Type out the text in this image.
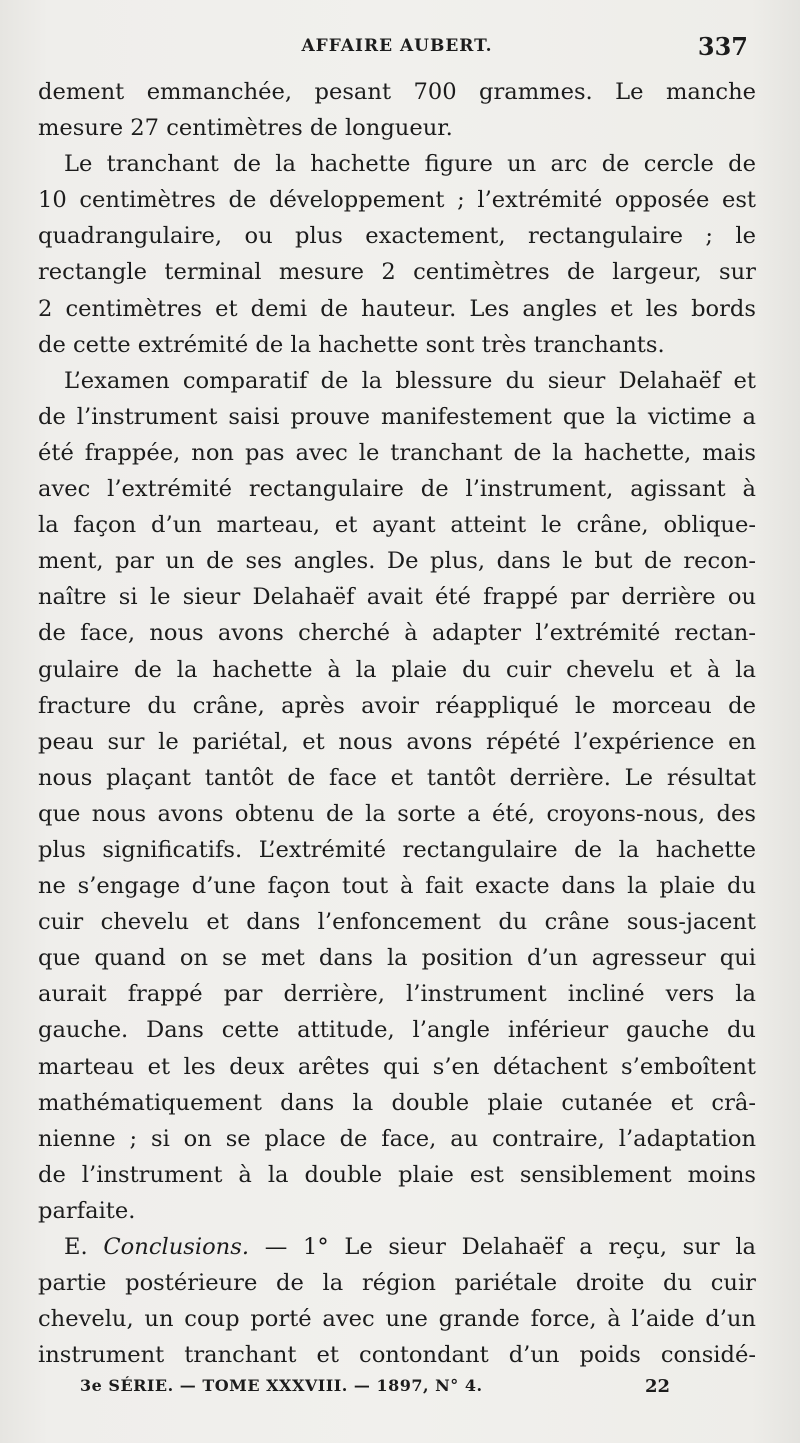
AFFAIRE AUBERT.	337
dement emmanchée, pesant 700 grammes. Le manche
mesure 27 centimètres de longueur.
Le tranchant de la hachette figure un arc de cercle de
10 centimètres de développement ; l’extrémité opposée est
quadrangulaire, ou plus exactement, rectangulaire ; le
rectangle terminal mesure 2 centimètres de largeur, sur
2 centimètres et demi de hauteur. Les angles et les bords
de cette extrémité de la hachette sont très tranchants.
L’examen comparatif de la blessure du sieur Delahaëf et
de l’instrument saisi prouve manifestement que la victime a
été frappée, non pas avec le tranchant de la hachette, mais
avec l’extrémité rectangulaire de l’instrument, agissant à
la façon d’un marteau, et ayant atteint le crâne, oblique-
ment, par un de ses angles. De plus, dans le but de recon-
naître si le sieur Delahaëf avait été frappé par derrière ou
de face, nous avons cherché à adapter l’extrémité rectan-
gulaire de la hachette à la plaie du cuir chevelu et à la
fracture du crâne, après avoir réappliqué le morceau de
peau sur le pariétal, et nous avons répété l’expérience en
nous plaçant tantôt de face et tantôt derrière. Le résultat
que nous avons obtenu de la sorte a été, croyons-nous, des
plus significatifs. L’extrémité rectangulaire de la hachette
ne s’engage d’une façon tout à fait exacte dans la plaie du
cuir chevelu et dans l’enfoncement du crâne sous-jacent
que quand on se met dans la position d’un agresseur qui
aurait frappé par derrière, l’instrument incliné vers la
gauche. Dans cette attitude, l’angle inférieur gauche du
marteau et les deux arêtes qui s’en détachent s’emboîtent
mathématiquement dans la double plaie cutanée et crâ-
nienne ; si on se place de face, au contraire, l’adaptation
de l’instrument à la double plaie est sensiblement moins
parfaite.
E. Conclusions. — 1° Le sieur Delahaëf a reçu, sur la
partie postérieure de la région pariétale droite du cuir
chevelu, un coup porté avec une grande force, à l’aide d’un
instrument tranchant et contondant d’un poids considé-
3e SÉRIE. — TOME XXXVIII. — 1897, N° 4.	22
